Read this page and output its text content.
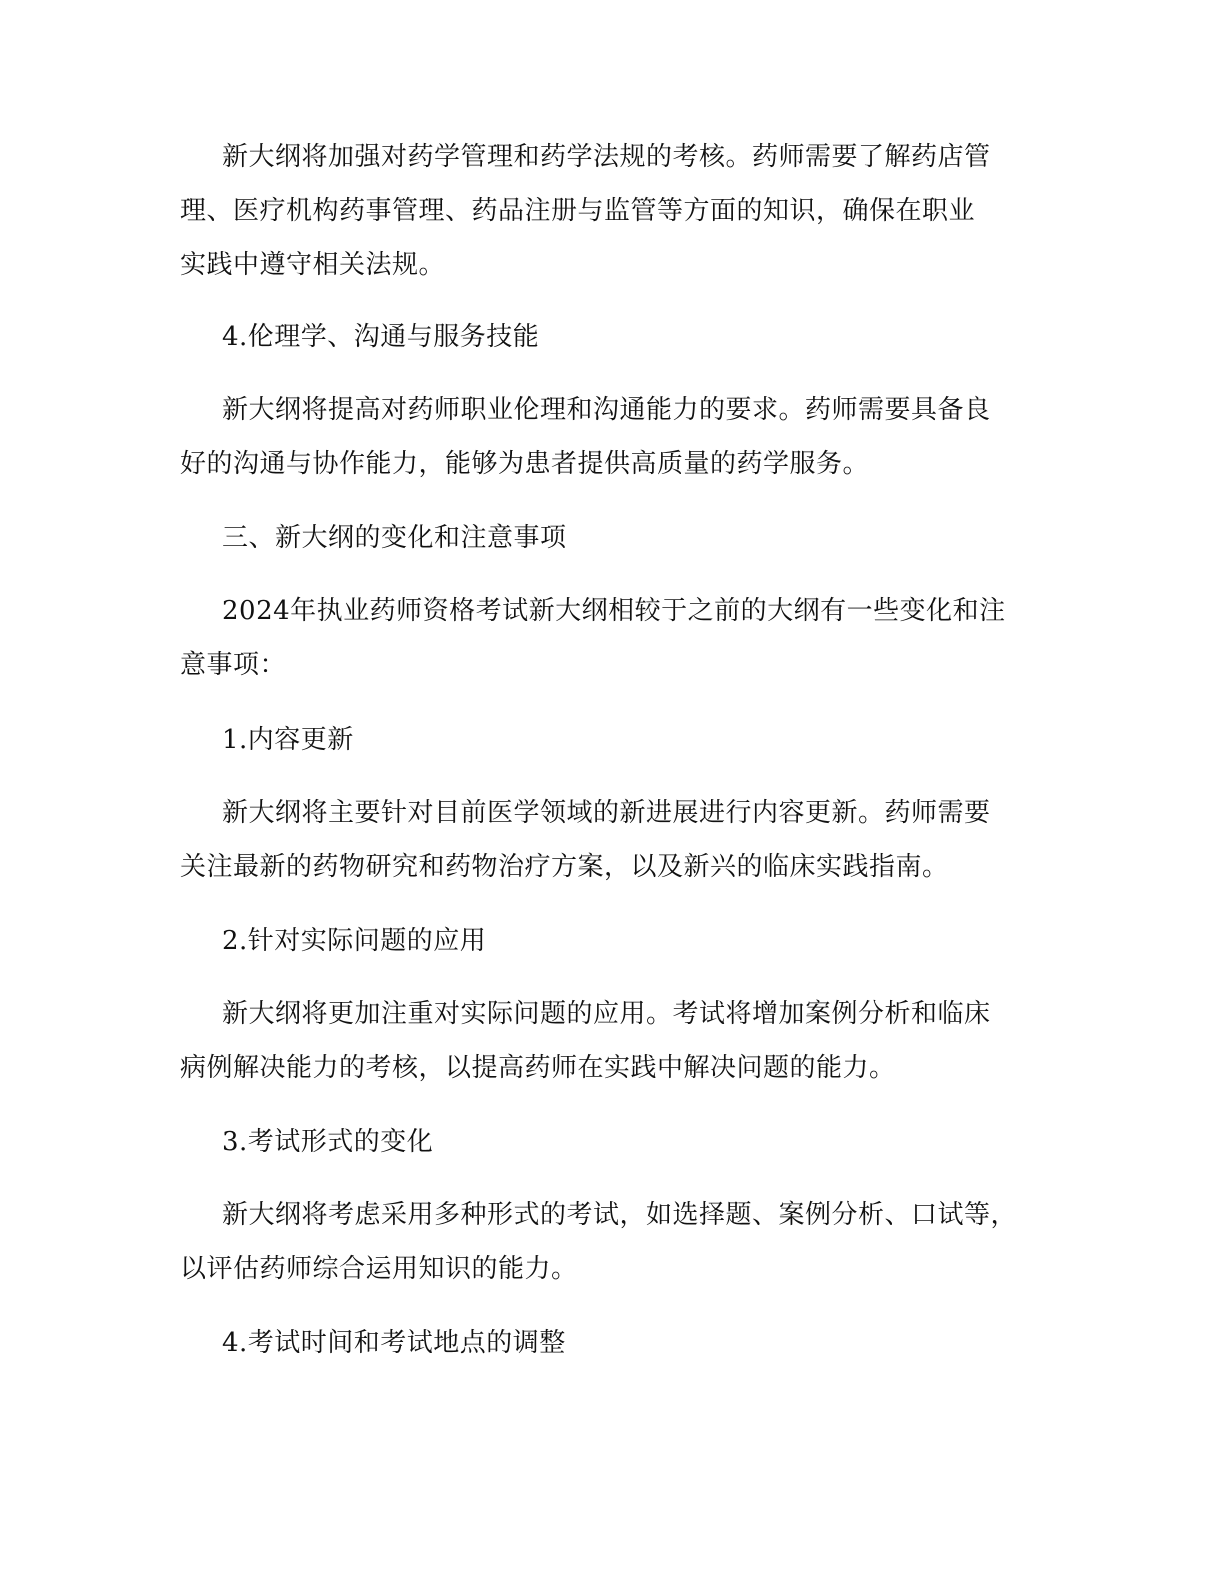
新大纲将加强对药学管理和药学法规的考核。药师需要了解药店管
理、医疗机构药事管理、药品注册与监管等方面的知识，确保在职业
实践中遵守相关法规。

4.伦理学、沟通与服务技能

新大纲将提高对药师职业伦理和沟通能力的要求。药师需要具备良
好的沟通与协作能力，能够为患者提供高质量的药学服务。

三、新大纲的变化和注意事项

2024年执业药师资格考试新大纲相较于之前的大纲有一些变化和注
意事项：

1.内容更新

新大纲将主要针对目前医学领域的新进展进行内容更新。药师需要
关注最新的药物研究和药物治疗方案，以及新兴的临床实践指南。

2.针对实际问题的应用

新大纲将更加注重对实际问题的应用。考试将增加案例分析和临床
病例解决能力的考核，以提高药师在实践中解决问题的能力。

3.考试形式的变化

新大纲将考虑采用多种形式的考试，如选择题、案例分析、口试等，
以评估药师综合运用知识的能力。

4.考试时间和考试地点的调整
